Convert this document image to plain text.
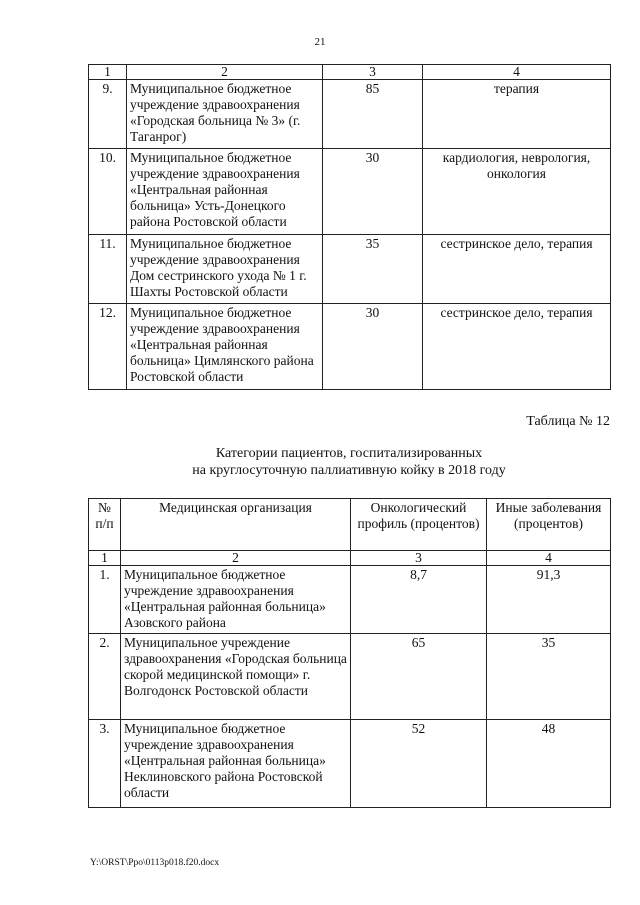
21
1	2	3	4
9.	Муниципальное бюджетное учреждение здравоохранения «Городская больница № 3» (г. Таганрог)	85	терапия
10.	Муниципальное бюджетное учреждение здравоохранения «Центральная районная больница» Усть-Донецкого района Ростовской области	30	кардиология, неврология, онкология
11.	Муниципальное бюджетное учреждение здравоохранения Дом сестринского ухода № 1 г. Шахты Ростовской области	35	сестринское дело, терапия
12.	Муниципальное бюджетное учреждение здравоохранения «Центральная районная больница» Цимлянского района Ростовской области	30	сестринское дело, терапия
Таблица № 12
Категории пациентов, госпитализированных
на круглосуточную паллиативную койку в 2018 году
№ п/п	Медицинская организация	Онкологический профиль (процентов)	Иные заболевания (процентов)
1	2	3	4
1.	Муниципальное бюджетное учреждение здравоохранения «Центральная районная больница» Азовского района	8,7	91,3
2.	Муниципальное учреждение здравоохранения «Городская больница скорой медицинской помощи» г. Волгодонск Ростовской области	65	35
3.	Муниципальное бюджетное учреждение здравоохранения «Центральная районная больница» Неклиновского района Ростовской области	52	48
Y:\ORST\Ppo\0113p018.f20.docx
